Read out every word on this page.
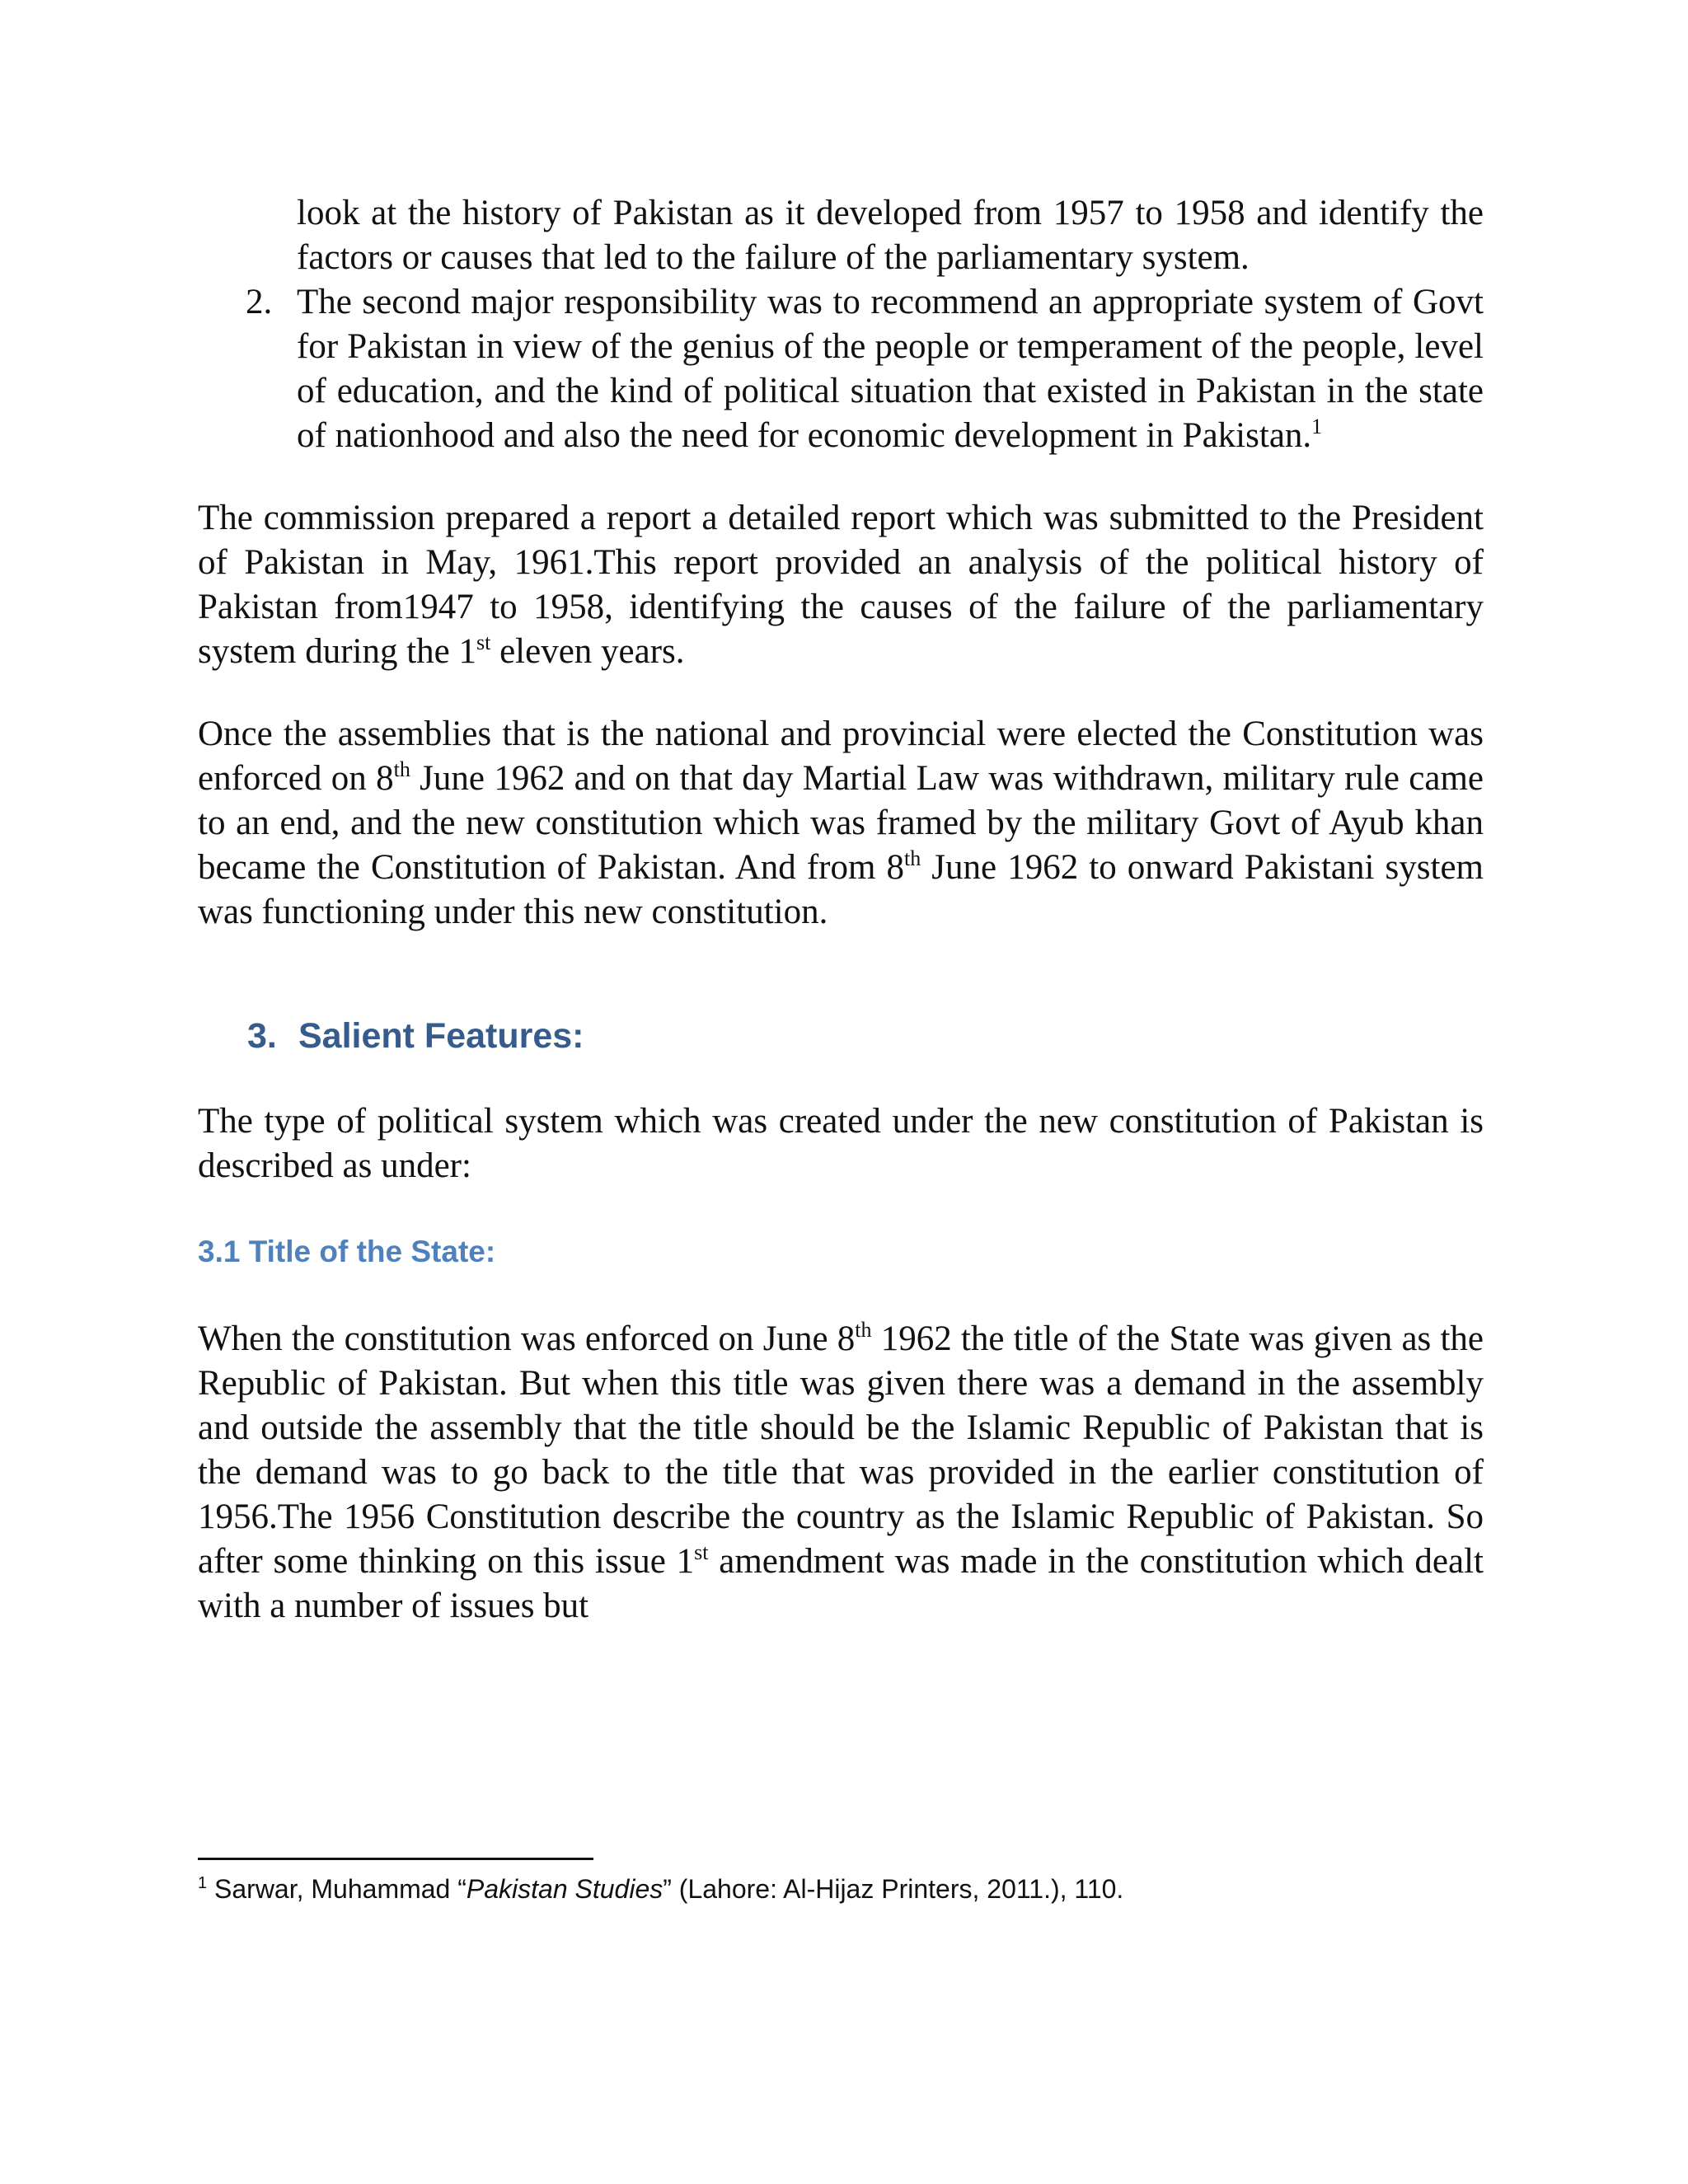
look at the history of Pakistan as it developed from 1957 to 1958 and identify the factors or causes that led to the failure of the parliamentary system.

2. The second major responsibility was to recommend an appropriate system of Govt for Pakistan in view of the genius of the people or temperament of the people, level of education, and the kind of political situation that existed in Pakistan in the state of nationhood and also the need for economic development in Pakistan.$^1$

The commission prepared a report a detailed report which was submitted to the President of Pakistan in May, 1961.This report provided an analysis of the political history of Pakistan from1947 to 1958, identifying the causes of the failure of the parliamentary system during the 1st eleven years.

Once the assemblies that is the national and provincial were elected the Constitution was enforced on 8th June 1962 and on that day Martial Law was withdrawn, military rule came to an end, and the new constitution which was framed by the military Govt of Ayub khan became the Constitution of Pakistan. And from 8th June 1962 to onward Pakistani system was functioning under this new constitution.

3. Salient Features:

The type of political system which was created under the new constitution of Pakistan is described as under:

3.1 Title of the State:

When the constitution was enforced on June 8th 1962 the title of the State was given as the Republic of Pakistan. But when this title was given there was a demand in the assembly and outside the assembly that the title should be the Islamic Republic of Pakistan that is the demand was to go back to the title that was provided in the earlier constitution of 1956.The 1956 Constitution describe the country as the Islamic Republic of Pakistan. So after some thinking on this issue 1st amendment was made in the constitution which dealt with a number of issues but

$^1$ Sarwar, Muhammad “Pakistan Studies” (Lahore: Al-Hijaz Printers, 2011.), 110.
